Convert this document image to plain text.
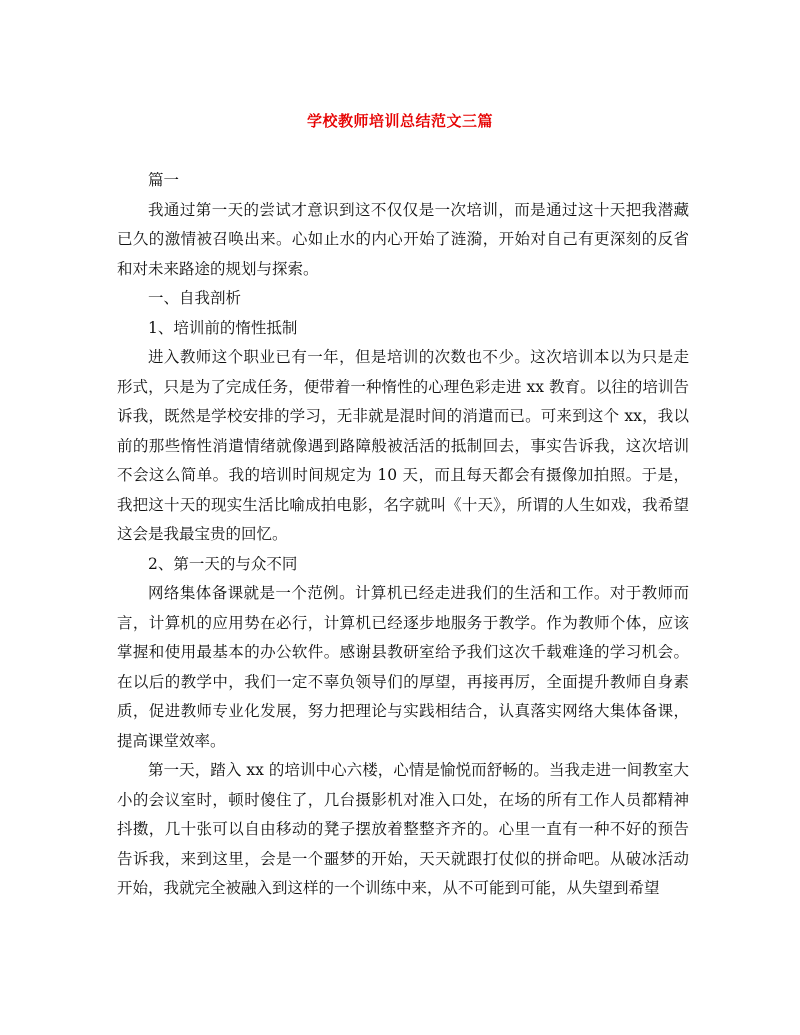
学校教师培训总结范文三篇

篇一

我通过第一天的尝试才意识到这不仅仅是一次培训，而是通过这十天把我潜藏已久的激情被召唤出来。心如止水的内心开始了涟漪，开始对自己有更深刻的反省和对未来路途的规划与探索。

一、自我剖析

1、培训前的惰性抵制

进入教师这个职业已有一年，但是培训的次数也不少。这次培训本以为只是走形式，只是为了完成任务，便带着一种惰性的心理色彩走进 xx 教育。以往的培训告诉我，既然是学校安排的学习，无非就是混时间的消遣而已。可来到这个 xx，我以前的那些惰性消遣情绪就像遇到路障般被活活的抵制回去，事实告诉我，这次培训不会这么简单。我的培训时间规定为 10 天，而且每天都会有摄像加拍照。于是，我把这十天的现实生活比喻成拍电影，名字就叫《十天》，所谓的人生如戏，我希望这会是我最宝贵的回忆。

2、第一天的与众不同

网络集体备课就是一个范例。计算机已经走进我们的生活和工作。对于教师而言，计算机的应用势在必行，计算机已经逐步地服务于教学。作为教师个体，应该掌握和使用最基本的办公软件。感谢县教研室给予我们这次千载难逢的学习机会。在以后的教学中，我们一定不辜负领导们的厚望，再接再厉，全面提升教师自身素质，促进教师专业化发展，努力把理论与实践相结合，认真落实网络大集体备课，提高课堂效率。

第一天，踏入 xx 的培训中心六楼，心情是愉悦而舒畅的。当我走进一间教室大小的会议室时，顿时傻住了，几台摄影机对准入口处，在场的所有工作人员都精神抖擞，几十张可以自由移动的凳子摆放着整整齐齐的。心里一直有一种不好的预告告诉我，来到这里，会是一个噩梦的开始，天天就跟打仗似的拼命吧。从破冰活动开始，我就完全被融入到这样的一个训练中来，从不可能到可能，从失望到希望
